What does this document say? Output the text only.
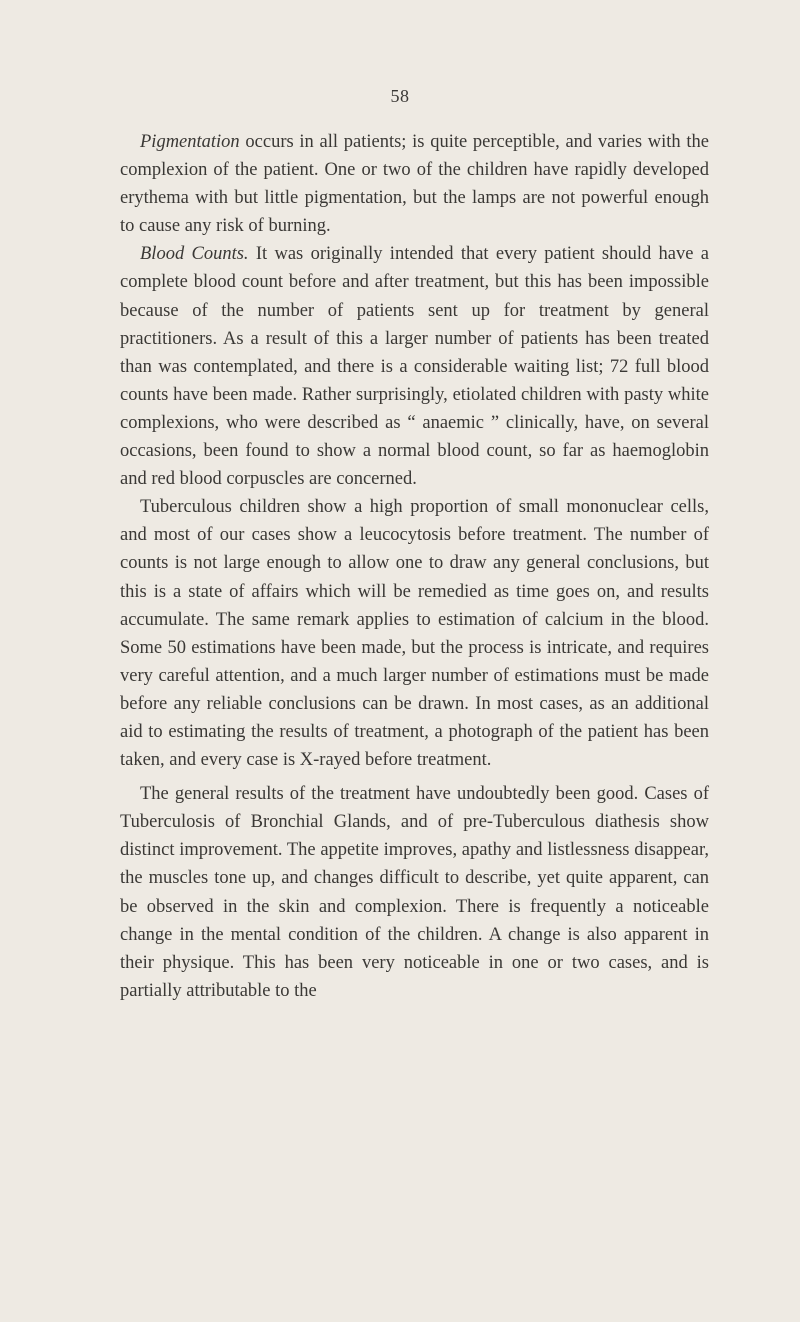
58

Pigmentation occurs in all patients; is quite perceptible, and varies with the complexion of the patient. One or two of the children have rapidly developed erythema with but little pigmentation, but the lamps are not powerful enough to cause any risk of burning.

Blood Counts. It was originally intended that every patient should have a complete blood count before and after treatment, but this has been impossible because of the number of patients sent up for treatment by general practitioners. As a result of this a larger number of patients has been treated than was contemplated, and there is a considerable waiting list; 72 full blood counts have been made. Rather surprisingly, etiolated children with pasty white complexions, who were described as “ anaemic ” clinically, have, on several occasions, been found to show a normal blood count, so far as haemoglobin and red blood corpuscles are concerned.

Tuberculous children show a high proportion of small mononuclear cells, and most of our cases show a leucocytosis before treatment. The number of counts is not large enough to allow one to draw any general conclusions, but this is a state of affairs which will be remedied as time goes on, and results accumulate. The same remark applies to estimation of calcium in the blood. Some 50 estimations have been made, but the process is intricate, and requires very careful attention, and a much larger number of estimations must be made before any reliable conclusions can be drawn. In most cases, as an additional aid to estimating the results of treatment, a photograph of the patient has been taken, and every case is X-rayed before treatment.

The general results of the treatment have undoubtedly been good. Cases of Tuberculosis of Bronchial Glands, and of pre-Tuberculous diathesis show distinct improvement. The appetite improves, apathy and listlessness disappear, the muscles tone up, and changes difficult to describe, yet quite apparent, can be observed in the skin and complexion. There is frequently a noticeable change in the mental condition of the children. A change is also apparent in their physique. This has been very noticeable in one or two cases, and is partially attributable to the
